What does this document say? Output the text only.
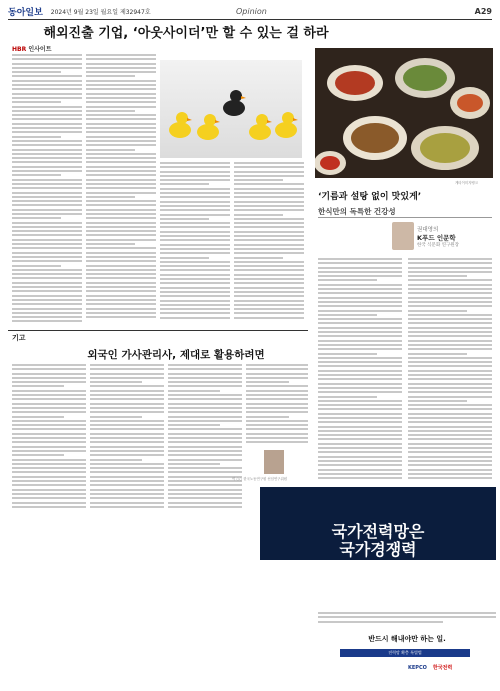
동아일보 2024년 9월 23일 월요일 제32947호	Opinion	A29
해외진출 기업, ‘아웃사이더’만 할 수 있는 걸 하라
HBR 인사이트
게티이미지뱅크
‘기름과 설탕 없이 맛있게’
한식만의 독특한 건강성
권대영의
K푸드 인문학
한국 식문화 연구원장
기고
외국인 가사관리사, 제대로 활용하려면
이 ○○ 한국노동연구원 선임연구위원
국가전력망은
국가경쟁력
반드시 해내야만 하는 일.
전력망 확충 특별법
KEPCO 한국전력
